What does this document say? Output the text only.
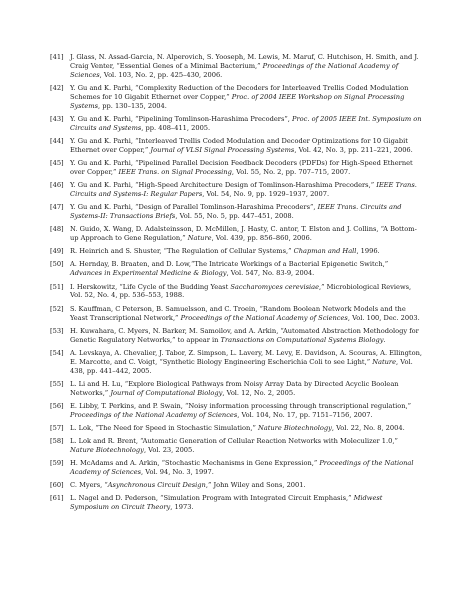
[41] J. Glass, N. Assad-Garcia, N. Alperovich, S. Yooseph, M. Lewis, M. Maruf, C. Hutchison, H. Smith, and J. Craig Venter, “Essential Genes of a Minimal Bacterium,” Proceedings of the National Academy of Sciences, Vol. 103, No. 2, pp. 425–430, 2006.
[42] Y. Gu and K. Parhi, “Complexity Reduction of the Decoders for Interleaved Trellis Coded Modulation Schemes for 10 Gigabit Ethernet over Copper,” Proc. of 2004 IEEE Workshop on Signal Processing Systems, pp. 130–135, 2004.
[43] Y. Gu and K. Parhi, “Pipelining Tomlinson-Harashima Precoders”, Proc. of 2005 IEEE Int. Symposium on Circuits and Systems, pp. 408–411, 2005.
[44] Y. Gu and K. Parhi, “Interleaved Trellis Coded Modulation and Decoder Optimizations for 10 Gigabit Ethernet over Copper,” Journal of VLSI Signal Processing Systems, Vol. 42, No. 3, pp. 211–221, 2006.
[45] Y. Gu and K. Parhi, “Pipelined Parallel Decision Feedback Decoders (PDFDs) for High-Speed Ethernet over Copper,” IEEE Trans. on Signal Processing, Vol. 55, No. 2, pp. 707–715, 2007.
[46] Y. Gu and K. Parhi, “High-Speed Architecture Design of Tomlinson-Harashima Precoders,” IEEE Trans. Circuits and Systems-I: Regular Papers, Vol. 54, No. 9, pp. 1929–1937, 2007.
[47] Y. Gu and K. Parhi, “Design of Parallel Tomlinson-Harashima Precoders”, IEEE Trans. Circuits and Systems-II: Transactions Briefs, Vol. 55, No. 5, pp. 447–451, 2008.
[48] N. Guido, X. Wang, D. Adalsteinsson, D. McMillen, J. Hasty, C. antor, T. Elston and J. Collins, “A Bottom-up Approach to Gene Regulation,” Nature, Vol. 439, pp. 856–860, 2006.
[49] R. Heinrich and S. Shuster, “The Regulation of Cellular Systems,” Chapman and Hall, 1996.
[50] A. Hernday, B. Braaten, and D. Low,“The Intricate Workings of a Bacterial Epigenetic Switch,” Advances in Experimental Medicine & Biology, Vol. 547, No. 83-9, 2004.
[51] I. Herskowitz, “Life Cycle of the Budding Yeast Saccharomyces cerevisiae,” Microbiological Reviews, Vol. 52, No. 4, pp. 536–553, 1988.
[52] S. Kauffman, C Peterson, B. Samuelsson, and C. Troein, “Random Boolean Network Models and the Yeast Transcriptional Network,” Proceedings of the National Academy of Sciences, Vol. 100, Dec. 2003.
[53] H. Kuwahara, C. Myers, N. Barker, M. Samoilov, and A. Arkin, “Automated Abstraction Methodology for Genetic Regulatory Networks,” to appear in Transactions on Computational Systems Biology.
[54] A. Levskaya, A. Chevalier, J. Tabor, Z. Simpson, L. Lavery, M. Levy, E. Davidson, A. Scouras, A. Ellington, E. Marcotte, and C. Voigt, “Synthetic Biology Engineering Escherichia Coli to see Light,” Nature, Vol. 438, pp. 441–442, 2005.
[55] L. Li and H. Lu, “Explore Biological Pathways from Noisy Array Data by Directed Acyclic Boolean Networks,” Journal of Computational Biology, Vol. 12, No. 2, 2005.
[56] E. Libby, T. Perkins, and P. Swain, “Noisy information processing through transcriptional regulation,” Proceedings of the National Academy of Sciences, Vol. 104, No. 17, pp. 7151–7156, 2007.
[57] L. Lok, “The Need for Speed in Stochastic Simulation,” Nature Biotechnology, Vol. 22, No. 8, 2004.
[58] L. Lok and R. Brent, “Automatic Generation of Cellular Reaction Networks with Moleculizer 1.0,” Nature Biotechnology, Vol. 23, 2005.
[59] H. McAdams and A. Arkin, “Stochastic Mechanisms in Gene Expression,” Proceedings of the National Academy of Sciences, Vol. 94, No. 3, 1997.
[60] C. Myers, “Asynchronous Circuit Design,” John Wiley and Sons, 2001.
[61] L. Nagel and D. Pederson, “Simulation Program with Integrated Circuit Emphasis,” Midwest Symposium on Circuit Theory, 1973.
